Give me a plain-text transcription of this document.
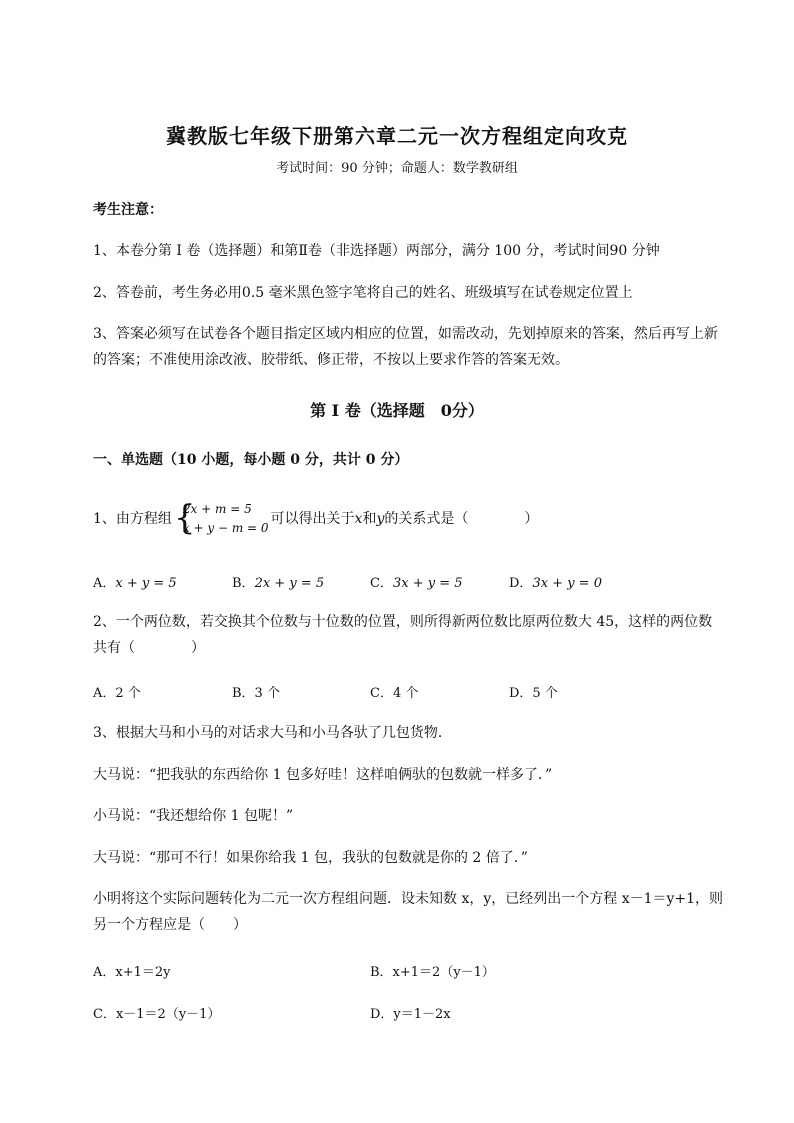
冀教版七年级下册第六章二元一次方程组定向攻克
考试时间：90 分钟；命题人：数学教研组
考生注意：
1、本卷分第 I 卷（选择题）和第Ⅱ卷（非选择题）两部分，满分 100 分，考试时间90 分钟
2、答卷前，考生务必用0.5 毫米黑色签字笔将自己的姓名、班级填写在试卷规定位置上
3、答案必须写在试卷各个题目指定区域内相应的位置，如需改动，先划掉原来的答案，然后再写上新
的答案；不准使用涂改液、胶带纸、修正带，不按以上要求作答的答案无效。
第 I 卷（选择题　0分）
一、单选题（10 小题，每小题 0 分，共计 0 分）
1、由方程组 {
2x + m = 5
x + y − m = 0
可以得出关于x和y的关系式是（　　　　）
A．x + y = 5	B．2x + y = 5	C．3x + y = 5	D．3x + y = 0
2、一个两位数，若交换其个位数与十位数的位置，则所得新两位数比原两位数大 45，这样的两位数
共有（　　　　）
A．2 个	B．3 个	C．4 个	D．5 个
3、根据大马和小马的对话求大马和小马各驮了几包货物．
大马说：“把我驮的东西给你 1 包多好哇！这样咱俩驮的包数就一样多了．”
小马说：“我还想给你 1 包呢！”
大马说：“那可不行！如果你给我 1 包，我驮的包数就是你的 2 倍了．”
小明将这个实际问题转化为二元一次方程组问题．设未知数 x，y，已经列出一个方程 x－1＝y+1，则
另一个方程应是（　　）
A．x+1＝2y	B．x+1＝2（y－1）
C．x－1＝2（y－1）	D．y＝1－2x
